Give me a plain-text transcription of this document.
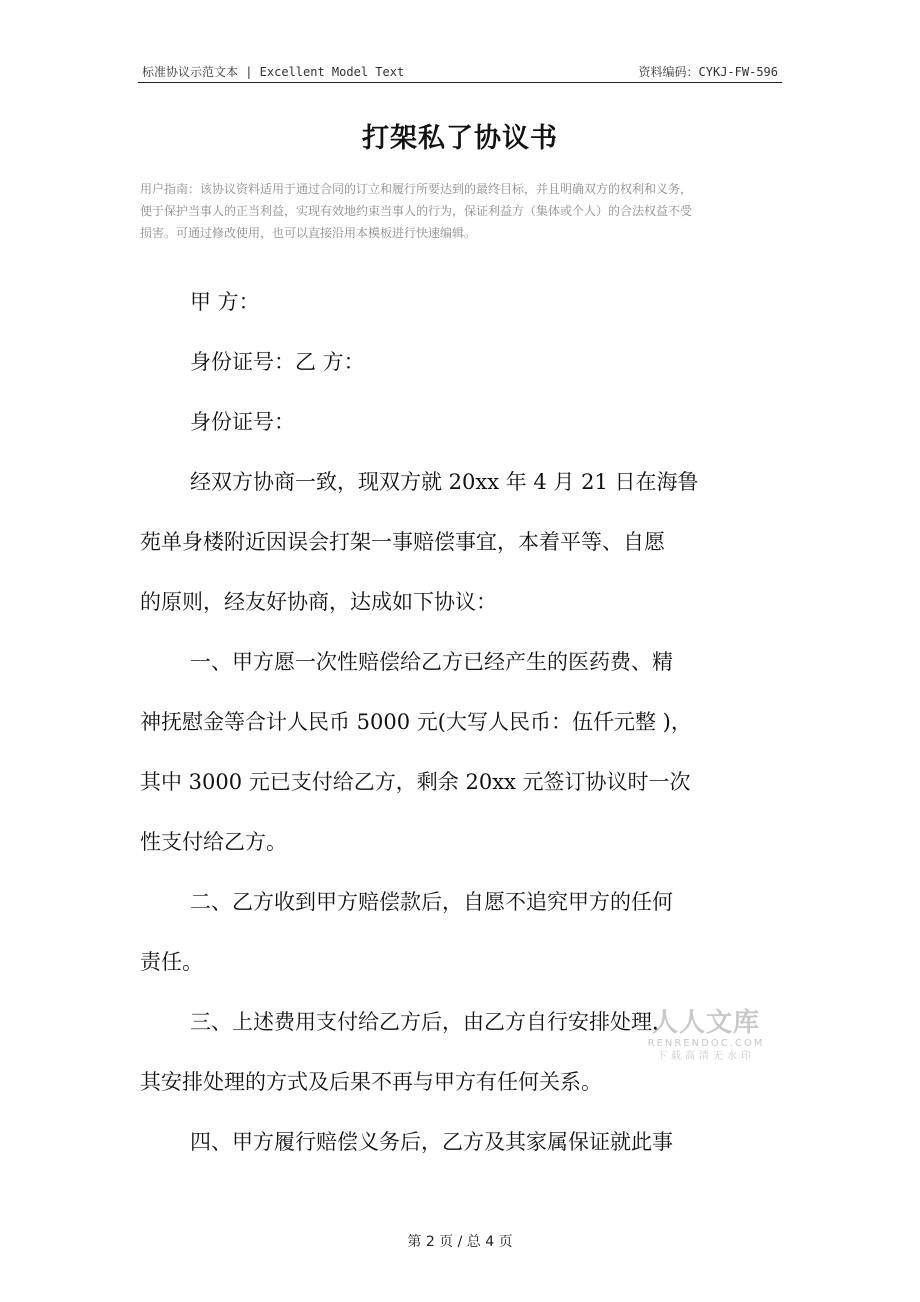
标准协议示范文本 | Excellent Model Text	资料编码：CYKJ-FW-596
打架私了协议书

用户指南：该协议资料适用于通过合同的订立和履行所要达到的最终目标，并且明确双方的权利和义务，

便于保护当事人的正当利益，实现有效地约束当事人的行为，保证利益方（集体或个人）的合法权益不受

损害。可通过修改使用，也可以直接沿用本模板进行快速编辑。

甲 方：
身份证号：乙 方：
身份证号：
经双方协商一致，现双方就 20xx 年 4 月 21 日在海鲁
苑单身楼附近因误会打架一事赔偿事宜，本着平等、自愿
的原则，经友好协商，达成如下协议：
一、甲方愿一次性赔偿给乙方已经产生的医药费、精
神抚慰金等合计人民币 5000 元(大写人民币：伍仟元整 )，
其中 3000 元已支付给乙方，剩余 20xx 元签订协议时一次
性支付给乙方。
二、乙方收到甲方赔偿款后，自愿不追究甲方的任何
责任。
三、上述费用支付给乙方后，由乙方自行安排处理，
其安排处理的方式及后果不再与甲方有任何关系。
四、甲方履行赔偿义务后，乙方及其家属保证就此事
人人文库
RENRENDOC.COM
下载高清无水印
第 2 页 / 总 4 页
